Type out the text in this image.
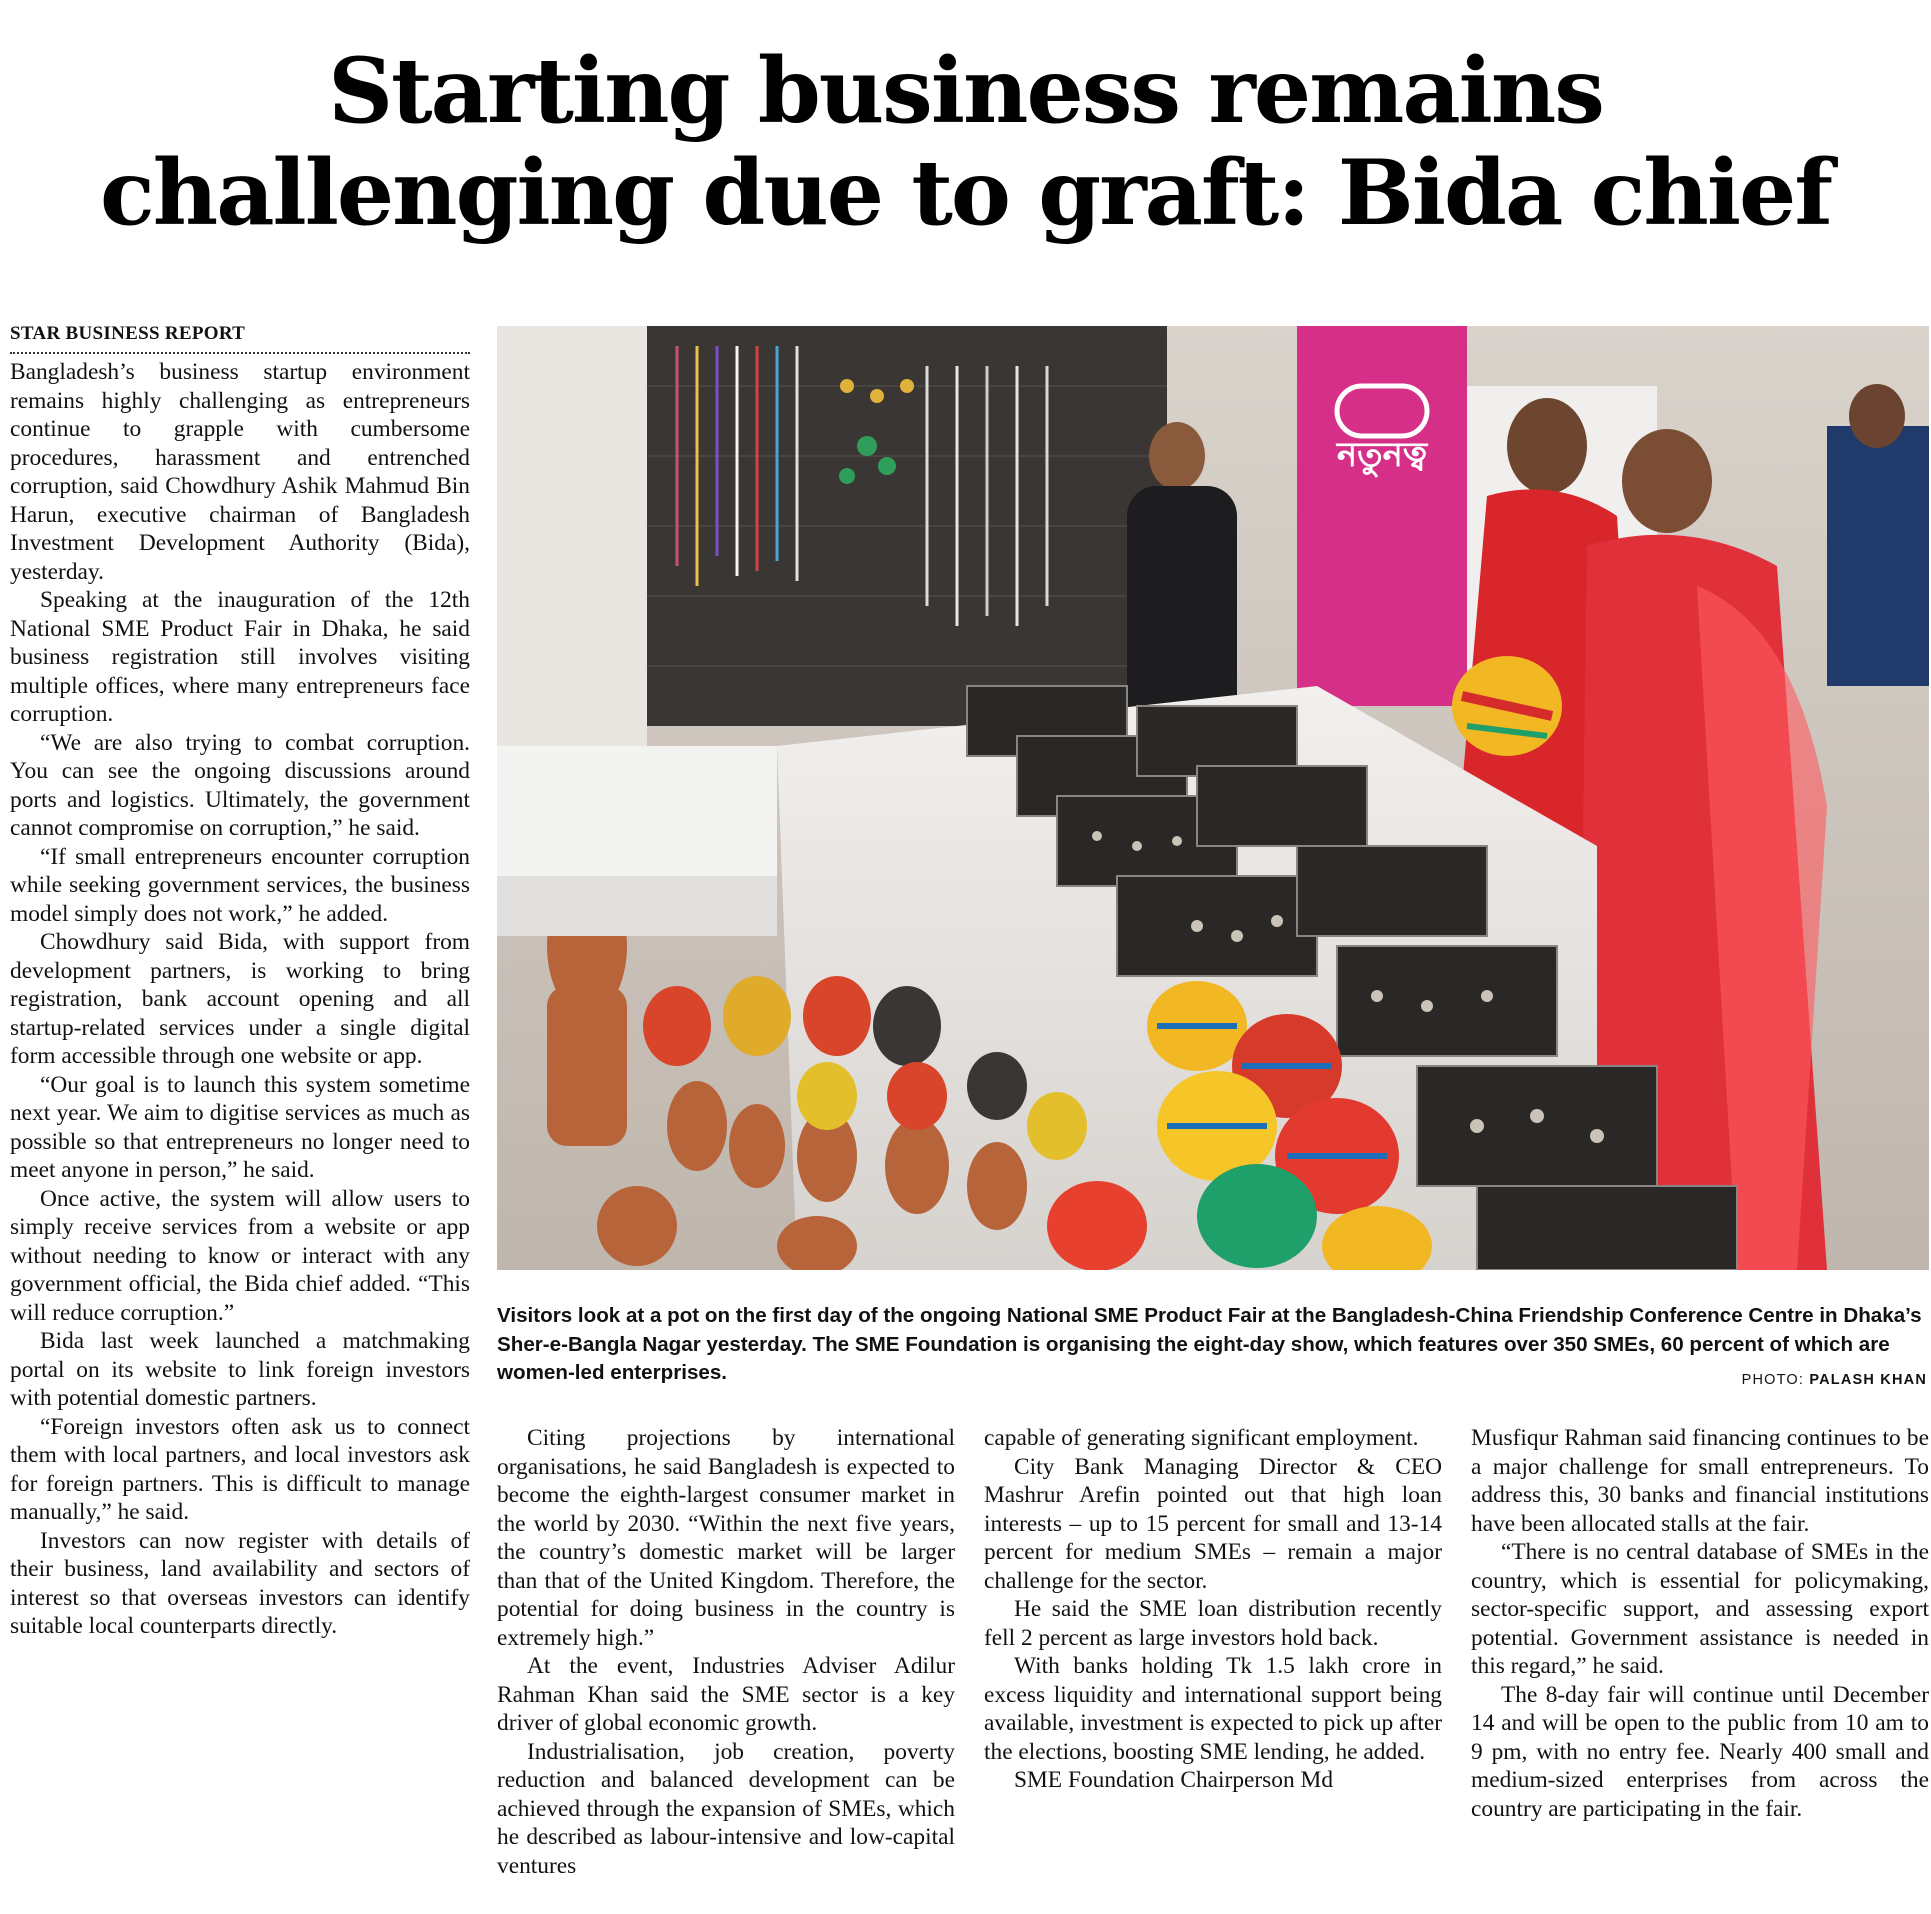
Starting business remains
challenging due to graft: Bida chief
STAR BUSINESS REPORT

Bangladesh’s business startup environment remains highly challenging as entrepreneurs continue to grapple with cumbersome procedures, harassment and entrenched corruption, said Chowdhury Ashik Mahmud Bin Harun, executive chairman of Bangladesh Investment Development Authority (Bida), yesterday.

Speaking at the inauguration of the 12th National SME Product Fair in Dhaka, he said business registration still involves visiting multiple offices, where many entrepreneurs face corruption.

“We are also trying to combat corruption. You can see the ongoing discussions around ports and logistics. Ultimately, the government cannot compromise on corruption,” he said.

“If small entrepreneurs encounter corruption while seeking government services, the business model simply does not work,” he added.

Chowdhury said Bida, with support from development partners, is working to bring registration, bank account opening and all startup-related services under a single digital form accessible through one website or app.

“Our goal is to launch this system sometime next year. We aim to digitise services as much as possible so that entrepreneurs no longer need to meet anyone in person,” he said.

Once active, the system will allow users to simply receive services from a website or app without needing to know or interact with any government official, the Bida chief added. “This will reduce corruption.”

Bida last week launched a matchmaking portal on its website to link foreign investors with potential domestic partners.

“Foreign investors often ask us to connect them with local partners, and local investors ask for foreign partners. This is difficult to manage manually,” he said.

Investors can now register with details of their business, land availability and sectors of interest so that overseas investors can identify suitable local counterparts directly.

নতুনত্ব
Visitors look at a pot on the first day of the ongoing National SME Product Fair at the Bangladesh-China Friendship Conference Centre in Dhaka’s Sher-e-Bangla Nagar yesterday. The SME Foundation is organising the eight-day show, which features over 350 SMEs, 60 percent of which are women-led enterprises.	PHOTO: PALASH KHAN

Citing projections by international organisations, he said Bangladesh is expected to become the eighth-largest consumer market in the world by 2030. “Within the next five years, the country’s domestic market will be larger than that of the United Kingdom. Therefore, the potential for doing business in the country is extremely high.”

At the event, Industries Adviser Adilur Rahman Khan said the SME sector is a key driver of global economic growth.

Industrialisation, job creation, poverty reduction and balanced development can be achieved through the expansion of SMEs, which he described as labour-intensive and low-capital ventures

capable of generating significant employment.

City Bank Managing Director & CEO Mashrur Arefin pointed out that high loan interests – up to 15 percent for small and 13-14 percent for medium SMEs – remain a major challenge for the sector.

He said the SME loan distribution recently fell 2 percent as large investors hold back.

With banks holding Tk 1.5 lakh crore in excess liquidity and international support being available, investment is expected to pick up after the elections, boosting SME lending, he added.

SME Foundation Chairperson Md

Musfiqur Rahman said financing continues to be a major challenge for small entrepreneurs. To address this, 30 banks and financial institutions have been allocated stalls at the fair.

“There is no central database of SMEs in the country, which is essential for policymaking, sector-specific support, and assessing export potential. Government assistance is needed in this regard,” he said.

The 8-day fair will continue until December 14 and will be open to the public from 10 am to 9 pm, with no entry fee. Nearly 400 small and medium-sized enterprises from across the country are participating in the fair.
